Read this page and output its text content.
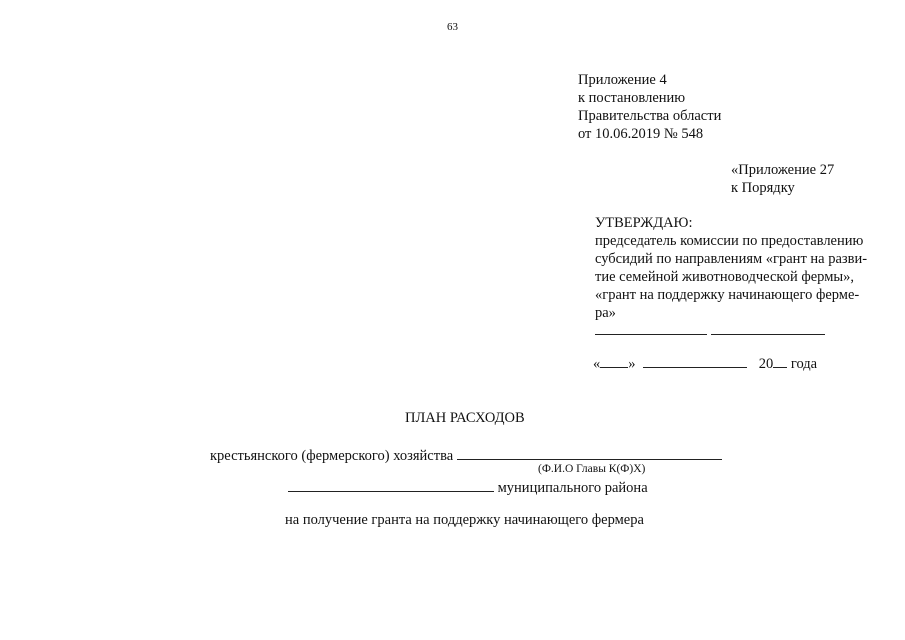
63
Приложение 4
к постановлению
Правительства области
от 10.06.2019 № 548
«Приложение 27
к Порядку
УТВЕРЖДАЮ:
председатель комиссии по предоставлению
субсидий по направлениям «грант на разви-
тие семейной животноводческой фермы»,
«грант на поддержку начинающего ферме-
ра»
« »	20 года
ПЛАН РАСХОДОВ
крестьянского (фермерского) хозяйства
(Ф.И.О Главы К(Ф)Х)
муниципального района
на получение гранта на поддержку начинающего фермера
